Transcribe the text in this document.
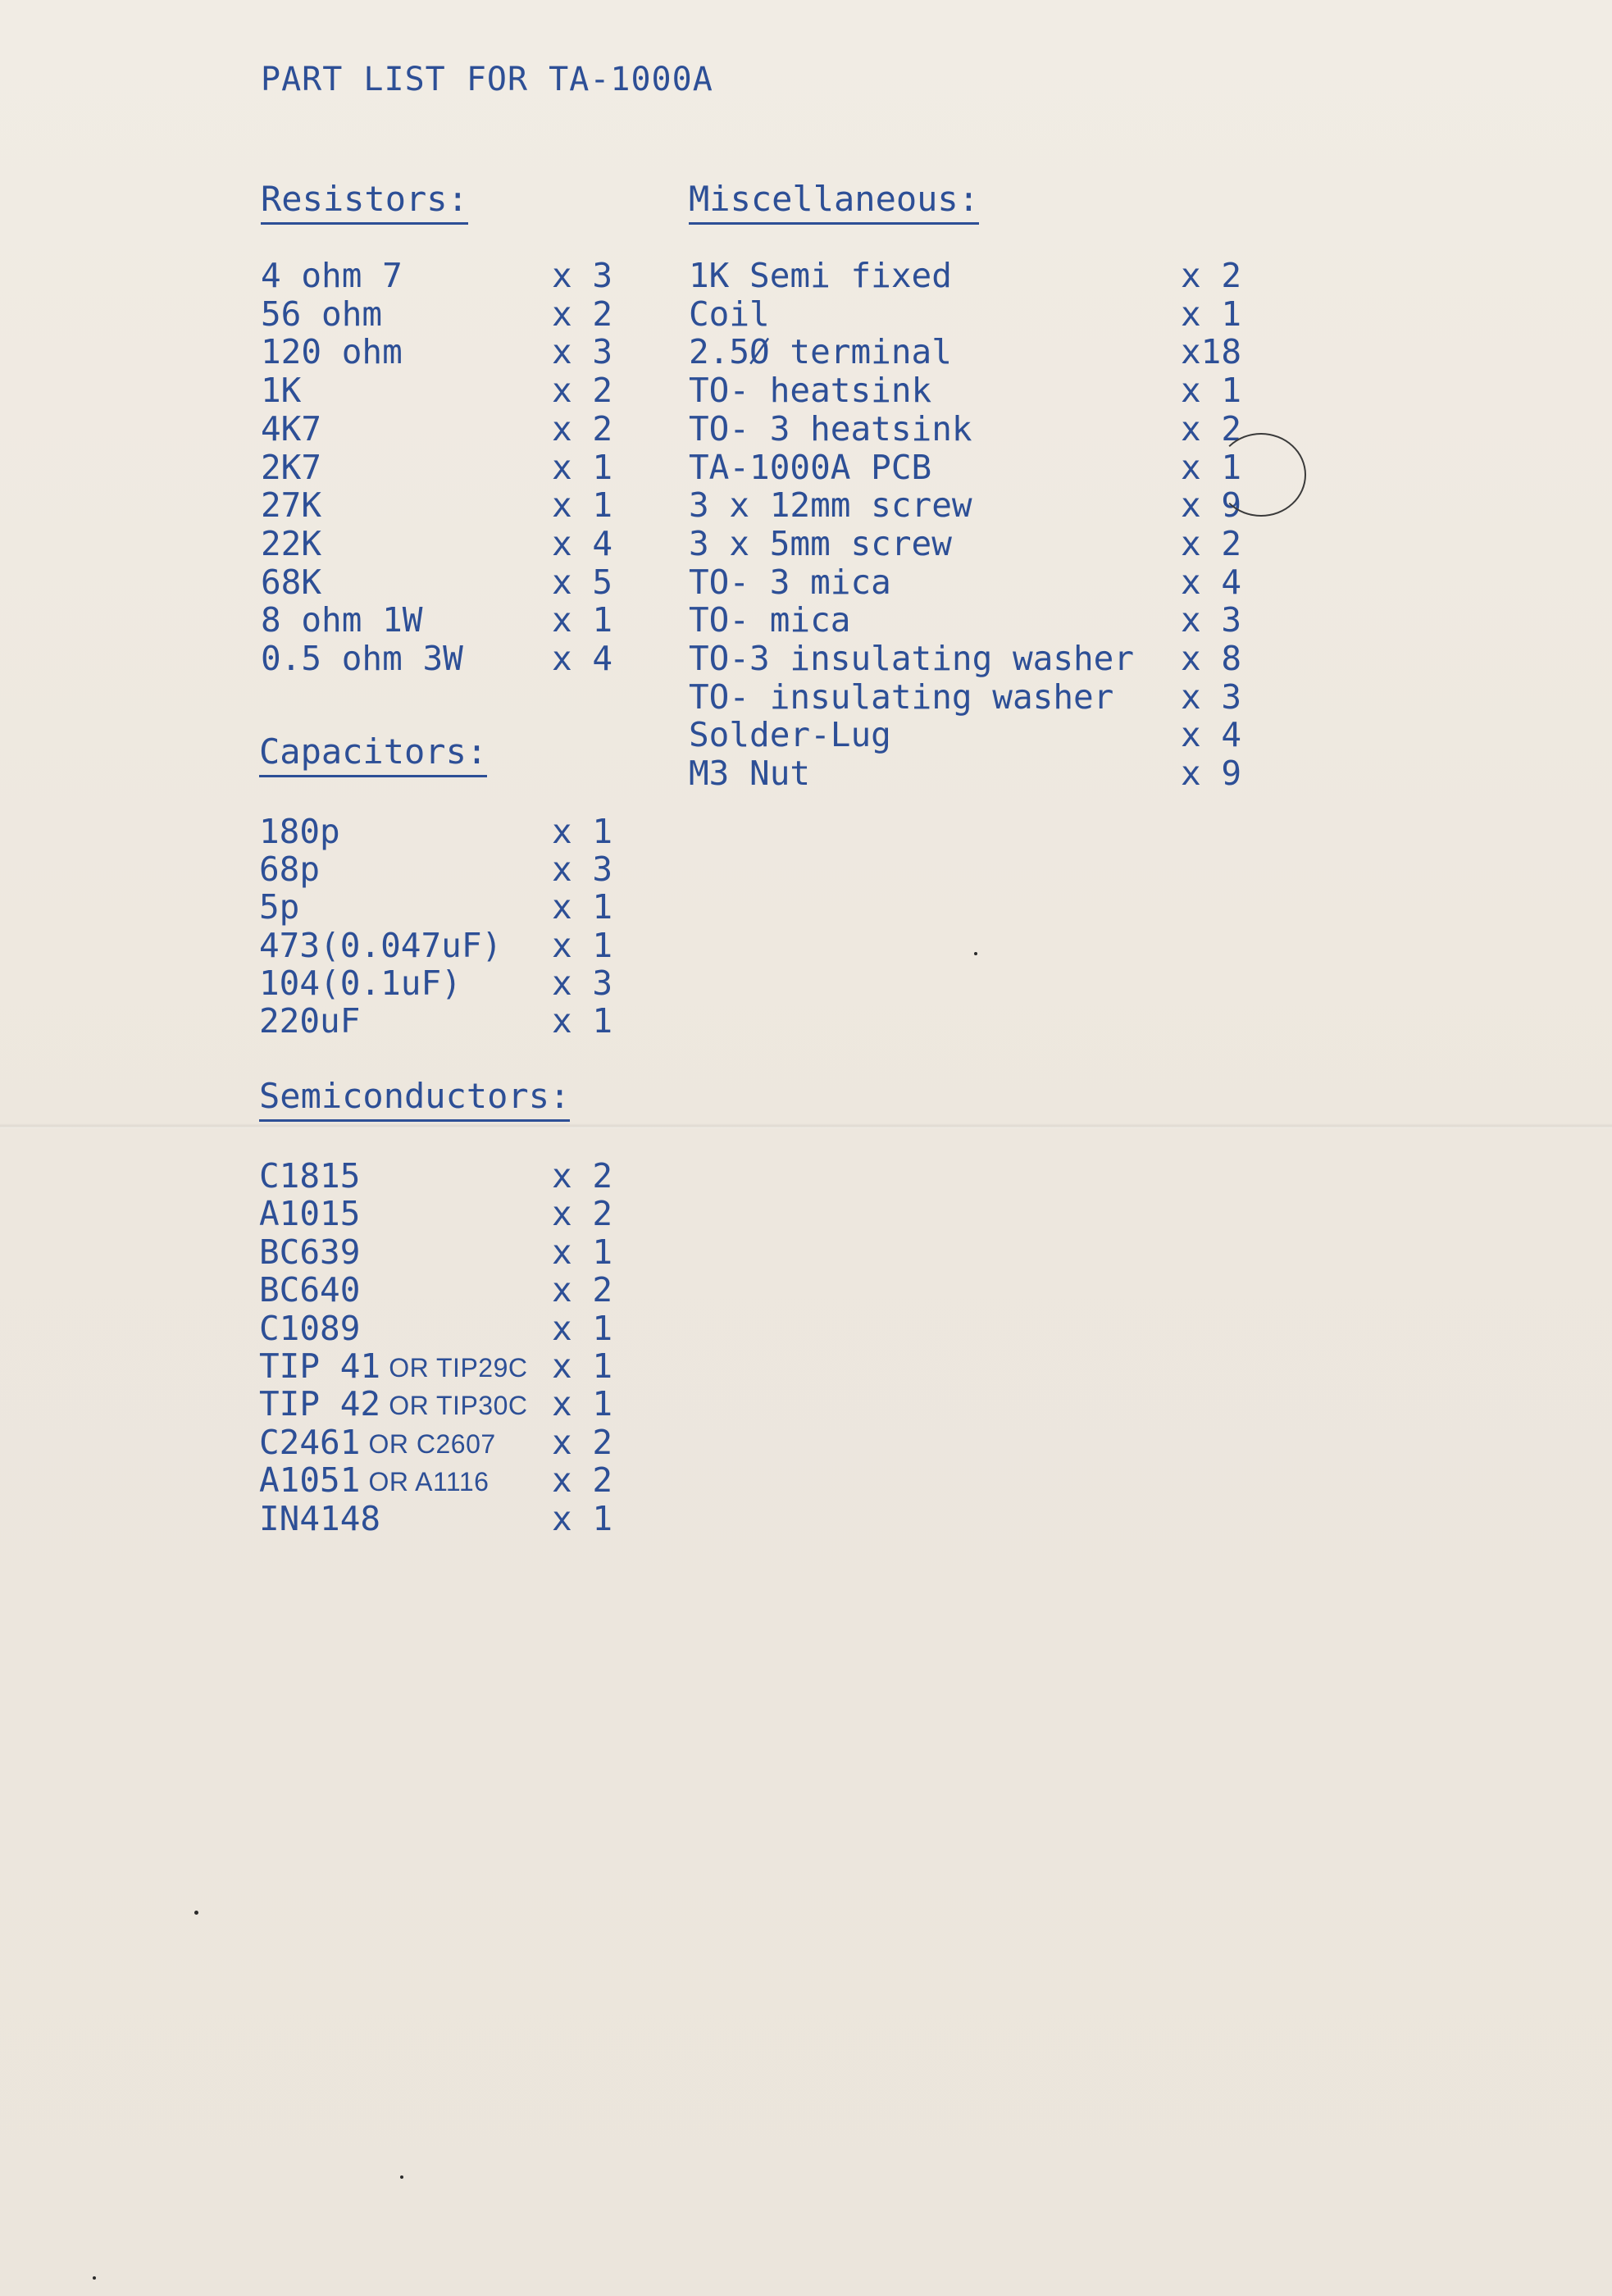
PART LIST FOR TA-1000A
Resistors:
4 ohm 7	x 3
56 ohm	x 2
120 ohm	x 3
1K	x 2
4K7	x 2
2K7	x 1
27K	x 1
22K	x 4
68K	x 5
8 ohm 1W	x 1
0.5 ohm 3W	x 4
Capacitors:
180p	x 1
68p	x 3
5p	x 1
473(0.047uF) x 1
104(0.1uF)	x 3
220uF	x 1
Semiconductors:
C1815	x 2
A1015	x 2
BC639	x 1
BC640	x 2
C1089	x 1
TIP 41 OR TIP29C x 1
TIP 42 OR TIP30C x 1
C2461 OR C2607 x 2
A1051 OR A1116 x 2
IN4148	x 1
Miscellaneous:
1K Semi fixed	x 2
Coil	x 1
2.5Ø terminal	x18
TO- heatsink	x 1
TO- 3 heatsink	x 2
TA-1000A PCB	x 1
3 x 12mm screw	x 9
3 x 5mm screw	x 2
TO- 3 mica	x 4
TO- mica	x 3
TO-3 insulating washer x 8
TO- insulating washer x 3
Solder-Lug	x 4
M3 Nut	x 9
